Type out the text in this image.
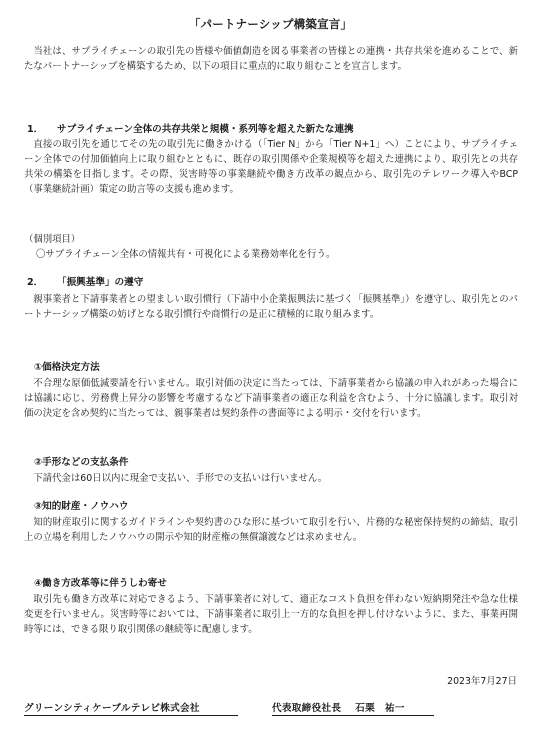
「パートナーシップ構築宣言」
当社は、サプライチェーンの取引先の皆様や価値創造を図る事業者の皆様との連携・共存共栄を進めることで、新たなパートナーシップを構築するため、以下の項目に重点的に取り組むことを宣言します。
1． サプライチェーン全体の共存共栄と規模・系列等を超えた新たな連携
直接の取引先を通じてその先の取引先に働きかける（「Tier N」から「Tier N+1」へ）ことにより、サプライチェーン全体での付加価値向上に取り組むとともに、既存の取引関係や企業規模等を超えた連携により、取引先との共存共栄の構築を目指します。その際、災害時等の事業継続や働き方改革の観点から、取引先のテレワーク導入やBCP（事業継続計画）策定の助言等の支援も進めます。
（個別項目）
〇サプライチェーン全体の情報共有・可視化による業務効率化を行う。
2． 「振興基準」の遵守
親事業者と下請事業者との望ましい取引慣行（下請中小企業振興法に基づく「振興基準」）を遵守し、取引先とのパートナーシップ構築の妨げとなる取引慣行や商慣行の是正に積極的に取り組みます。
①価格決定方法
不合理な原価低減要請を行いません。取引対価の決定に当たっては、下請事業者から協議の申入れがあった場合には協議に応じ、労務費上昇分の影響を考慮するなど下請事業者の適正な利益を含むよう、十分に協議します。取引対価の決定を含め契約に当たっては、親事業者は契約条件の書面等による明示・交付を行います。
②手形などの支払条件
下請代金は60日以内に現金で支払い、手形での支払いは行いません。
③知的財産・ノウハウ
知的財産取引に関するガイドラインや契約書のひな形に基づいて取引を行い、片務的な秘密保持契約の締結、取引上の立場を利用したノウハウの開示や知的財産権の無償譲渡などは求めません。
④働き方改革等に伴うしわ寄せ
取引先も働き方改革に対応できるよう、下請事業者に対して、適正なコスト負担を伴わない短納期発注や急な仕様変更を行いません。災害時等においては、下請事業者に取引上一方的な負担を押し付けないように、また、事業再開時等には、できる限り取引関係の継続等に配慮します。
2023年7月27日
グリーンシティケーブルテレビ株式会社	代表取締役社長 石栗　祐一
